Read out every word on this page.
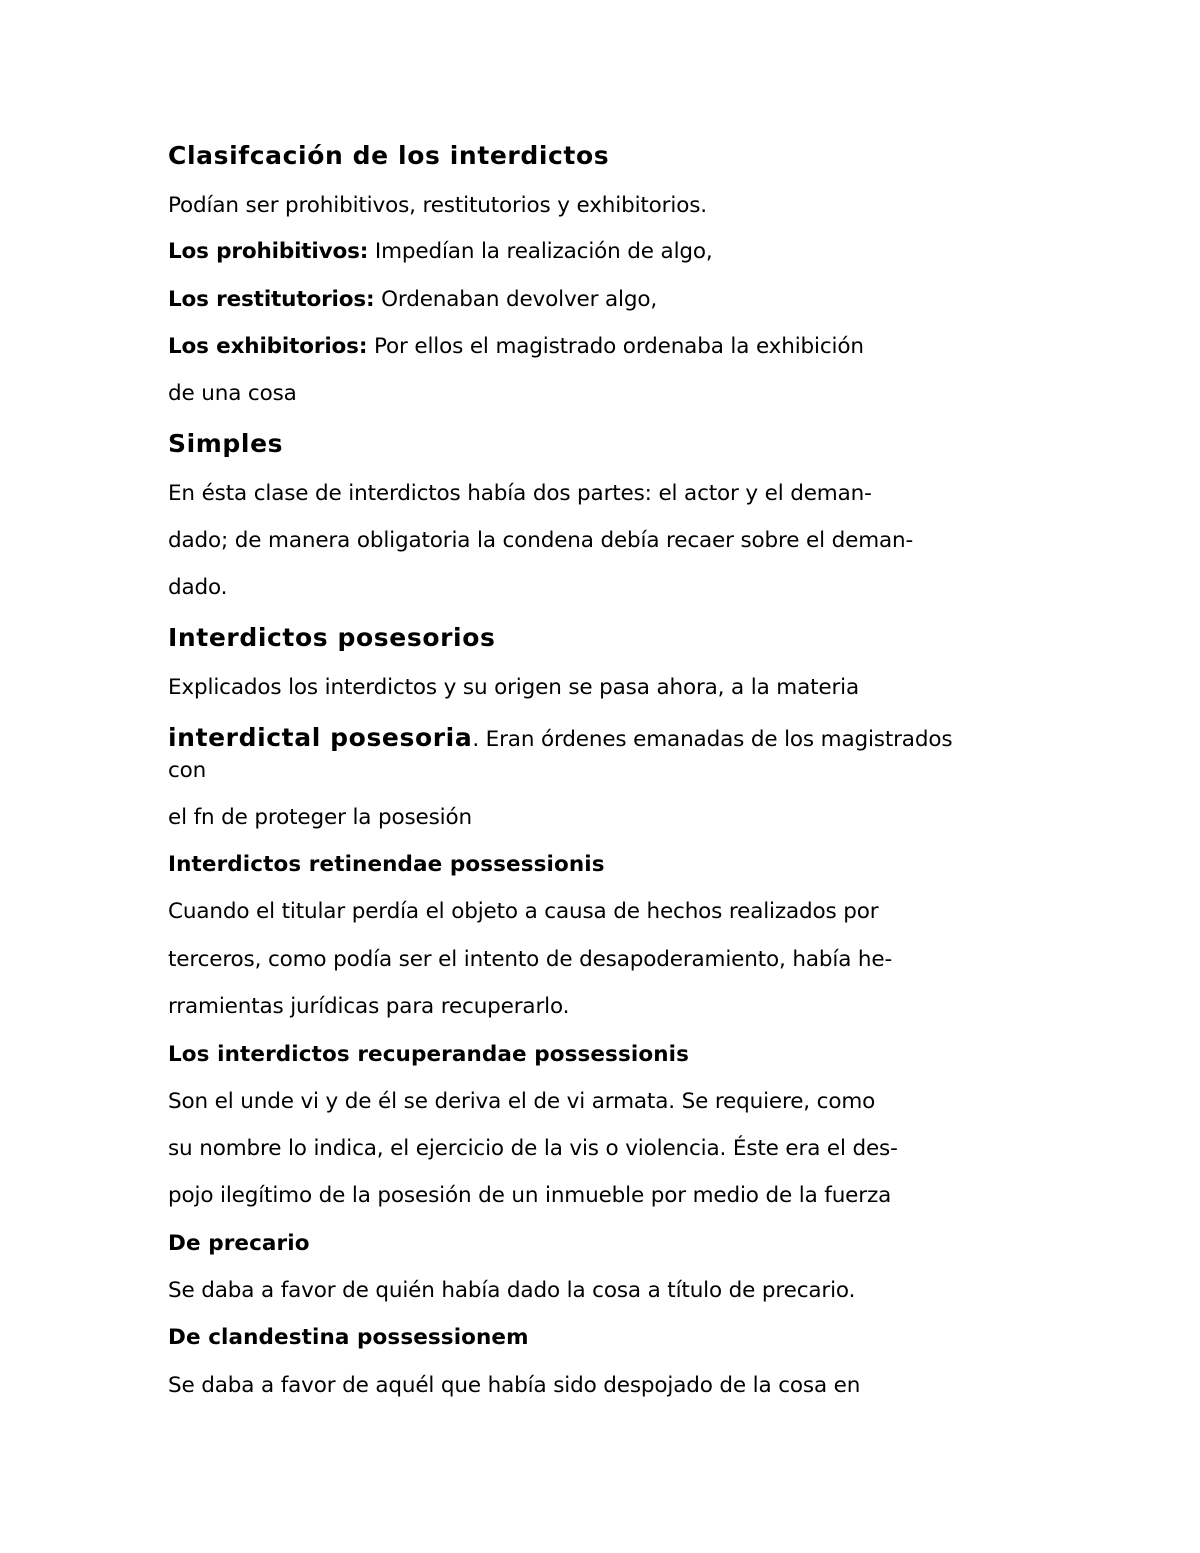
Clasifcación de los interdictos
Podían ser prohibitivos, restitutorios y exhibitorios.
Los prohibitivos: Impedían la realización de algo,
Los restitutorios: Ordenaban devolver algo,
Los exhibitorios: Por ellos el magistrado ordenaba la exhibición
de una cosa
Simples
En ésta clase de interdictos había dos partes: el actor y el deman-
dado; de manera obligatoria la condena debía recaer sobre el deman-
dado.
Interdictos posesorios
Explicados los interdictos y su origen se pasa ahora, a la materia
interdictal posesoria. Eran órdenes emanadas de los magistrados
con
el fn de proteger la posesión
Interdictos retinendae possessionis
Cuando el titular perdía el objeto a causa de hechos realizados por
terceros, como podía ser el intento de desapoderamiento, había he-
rramientas jurídicas para recuperarlo.
Los interdictos recuperandae possessionis
Son el unde vi y de él se deriva el de vi armata. Se requiere, como
su nombre lo indica, el ejercicio de la vis o violencia. Éste era el des-
pojo ilegítimo de la posesión de un inmueble por medio de la fuerza
De precario
Se daba a favor de quién había dado la cosa a título de precario.
De clandestina possessionem
Se daba a favor de aquél que había sido despojado de la cosa en
